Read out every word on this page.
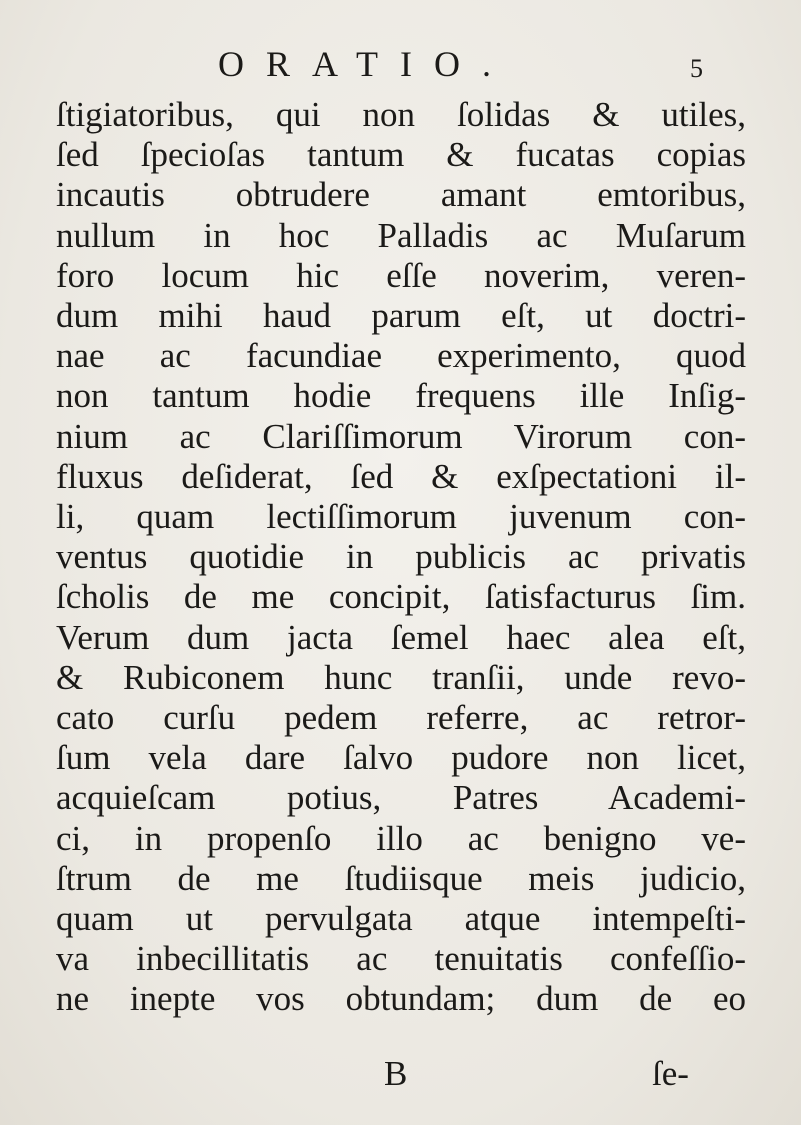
ORATIO.	5
ſtigiatoribus, qui non ſolidas & utiles,
ſed ſpecioſas tantum & fucatas copias
incautis obtrudere amant emtoribus,
nullum in hoc Palladis ac Muſarum
foro locum hic eſſe noverim, veren-
dum mihi haud parum eſt, ut doctri-
nae ac facundiae experimento, quod
non tantum hodie frequens ille Inſig-
nium ac Clariſſimorum Virorum con-
fluxus deſiderat, ſed & exſpectationi il-
li, quam lectiſſimorum juvenum con-
ventus quotidie in publicis ac privatis
ſcholis de me concipit, ſatisfacturus ſim.
Verum dum jacta ſemel haec alea eſt,
& Rubiconem hunc tranſii, unde revo-
cato curſu pedem referre, ac retror-
ſum vela dare ſalvo pudore non licet,
acquieſcam potius, Patres Academi-
ci, in propenſo illo ac benigno ve-
ſtrum de me ſtudiisque meis judicio,
quam ut pervulgata atque intempeſti-
va inbecillitatis ac tenuitatis confeſſio-
ne inepte vos obtundam; dum de eo
B	ſe-
